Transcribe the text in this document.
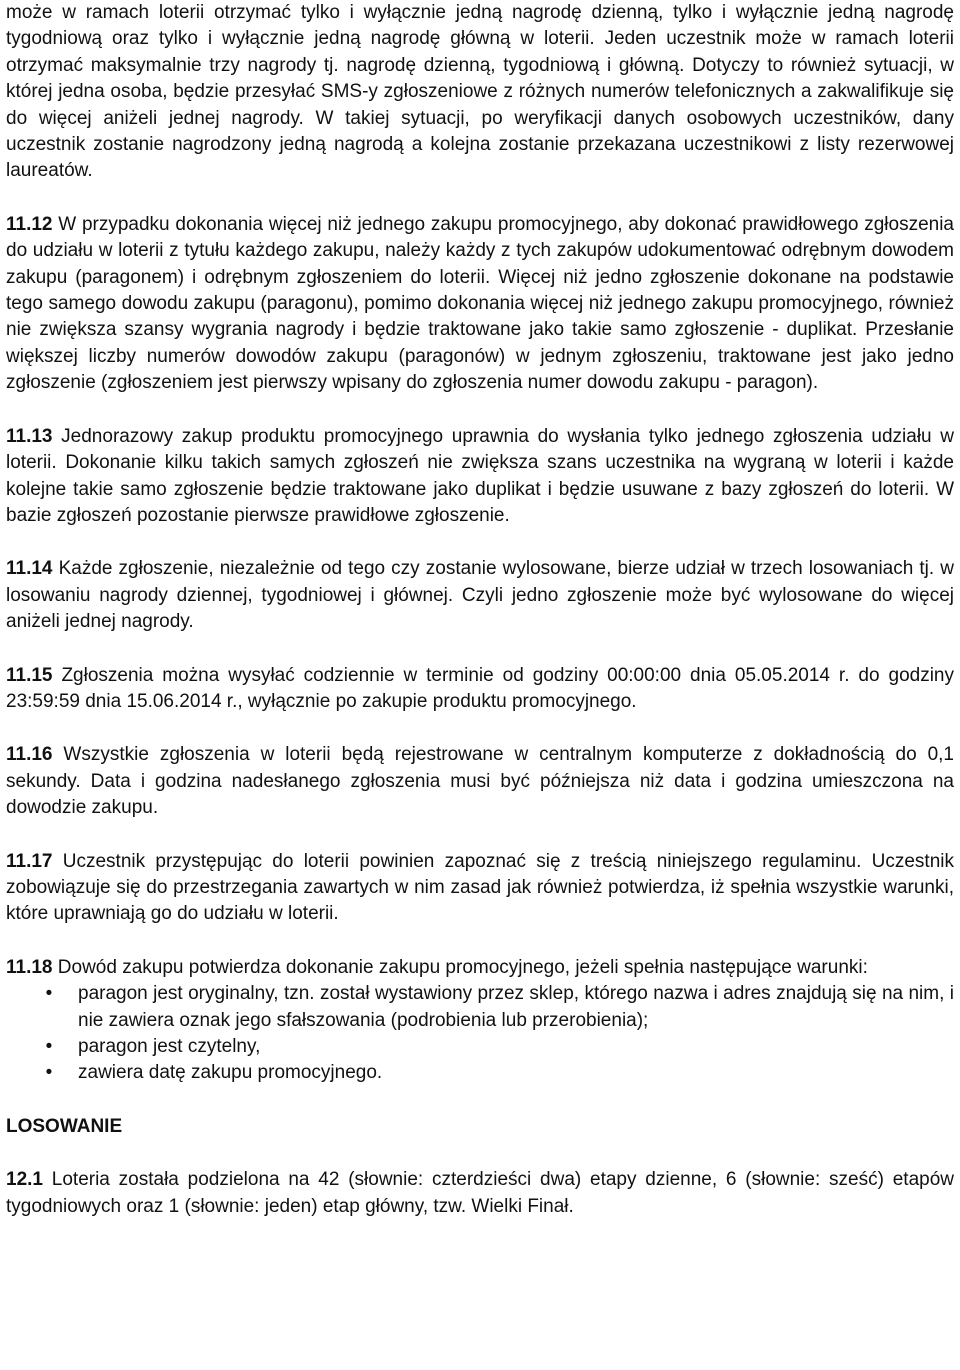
może w ramach loterii otrzymać tylko i wyłącznie jedną nagrodę dzienną, tylko i wyłącznie jedną nagrodę tygodniową oraz tylko i wyłącznie jedną nagrodę główną w loterii. Jeden uczestnik może w ramach loterii otrzymać maksymalnie trzy nagrody tj. nagrodę dzienną, tygodniową i główną. Dotyczy to również sytuacji, w której jedna osoba, będzie przesyłać SMS-y zgłoszeniowe z różnych numerów telefonicznych a zakwalifikuje się do więcej aniżeli jednej nagrody. W takiej sytuacji, po weryfikacji danych osobowych uczestników, dany uczestnik zostanie nagrodzony jedną nagrodą a kolejna zostanie przekazana uczestnikowi z listy rezerwowej laureatów.

11.12 W przypadku dokonania więcej niż jednego zakupu promocyjnego, aby dokonać prawidłowego zgłoszenia do udziału w loterii z tytułu każdego zakupu, należy każdy z tych zakupów udokumentować odrębnym dowodem zakupu (paragonem) i odrębnym zgłoszeniem do loterii. Więcej niż jedno zgłoszenie dokonane na podstawie tego samego dowodu zakupu (paragonu), pomimo dokonania więcej niż jednego zakupu promocyjnego, również nie zwiększa szansy wygrania nagrody i będzie traktowane jako takie samo zgłoszenie - duplikat. Przesłanie większej liczby numerów dowodów zakupu (paragonów) w jednym zgłoszeniu, traktowane jest jako jedno zgłoszenie (zgłoszeniem jest pierwszy wpisany do zgłoszenia numer dowodu zakupu - paragon).

11.13 Jednorazowy zakup produktu promocyjnego uprawnia do wysłania tylko jednego zgłoszenia udziału w loterii. Dokonanie kilku takich samych zgłoszeń nie zwiększa szans uczestnika na wygraną w loterii i każde kolejne takie samo zgłoszenie będzie traktowane jako duplikat i będzie usuwane z bazy zgłoszeń do loterii. W bazie zgłoszeń pozostanie pierwsze prawidłowe zgłoszenie.

11.14 Każde zgłoszenie, niezależnie od tego czy zostanie wylosowane, bierze udział w trzech losowaniach tj. w losowaniu nagrody dziennej, tygodniowej i głównej. Czyli jedno zgłoszenie może być wylosowane do więcej aniżeli jednej nagrody.

11.15 Zgłoszenia można wysyłać codziennie w terminie od godziny 00:00:00 dnia 05.05.2014 r. do godziny 23:59:59 dnia 15.06.2014 r., wyłącznie po zakupie produktu promocyjnego.

11.16 Wszystkie zgłoszenia w loterii będą rejestrowane w centralnym komputerze z dokładnością do 0,1 sekundy. Data i godzina nadesłanego zgłoszenia musi być późniejsza niż data i godzina umieszczona na dowodzie zakupu.

11.17 Uczestnik przystępując do loterii powinien zapoznać się z treścią niniejszego regulaminu. Uczestnik zobowiązuje się do przestrzegania zawartych w nim zasad jak również potwierdza, iż spełnia wszystkie warunki, które uprawniają go do udziału w loterii.

11.18 Dowód zakupu potwierdza dokonanie zakupu promocyjnego, jeżeli spełnia następujące warunki:

• paragon jest oryginalny, tzn. został wystawiony przez sklep, którego nazwa i adres znajdują się na nim, i nie zawiera oznak jego sfałszowania (podrobienia lub przerobienia);
• paragon jest czytelny,
• zawiera datę zakupu promocyjnego.

LOSOWANIE

12.1 Loteria została podzielona na 42 (słownie: czterdzieści dwa) etapy dzienne, 6 (słownie: sześć) etapów tygodniowych oraz 1 (słownie: jeden) etap główny, tzw. Wielki Finał.
